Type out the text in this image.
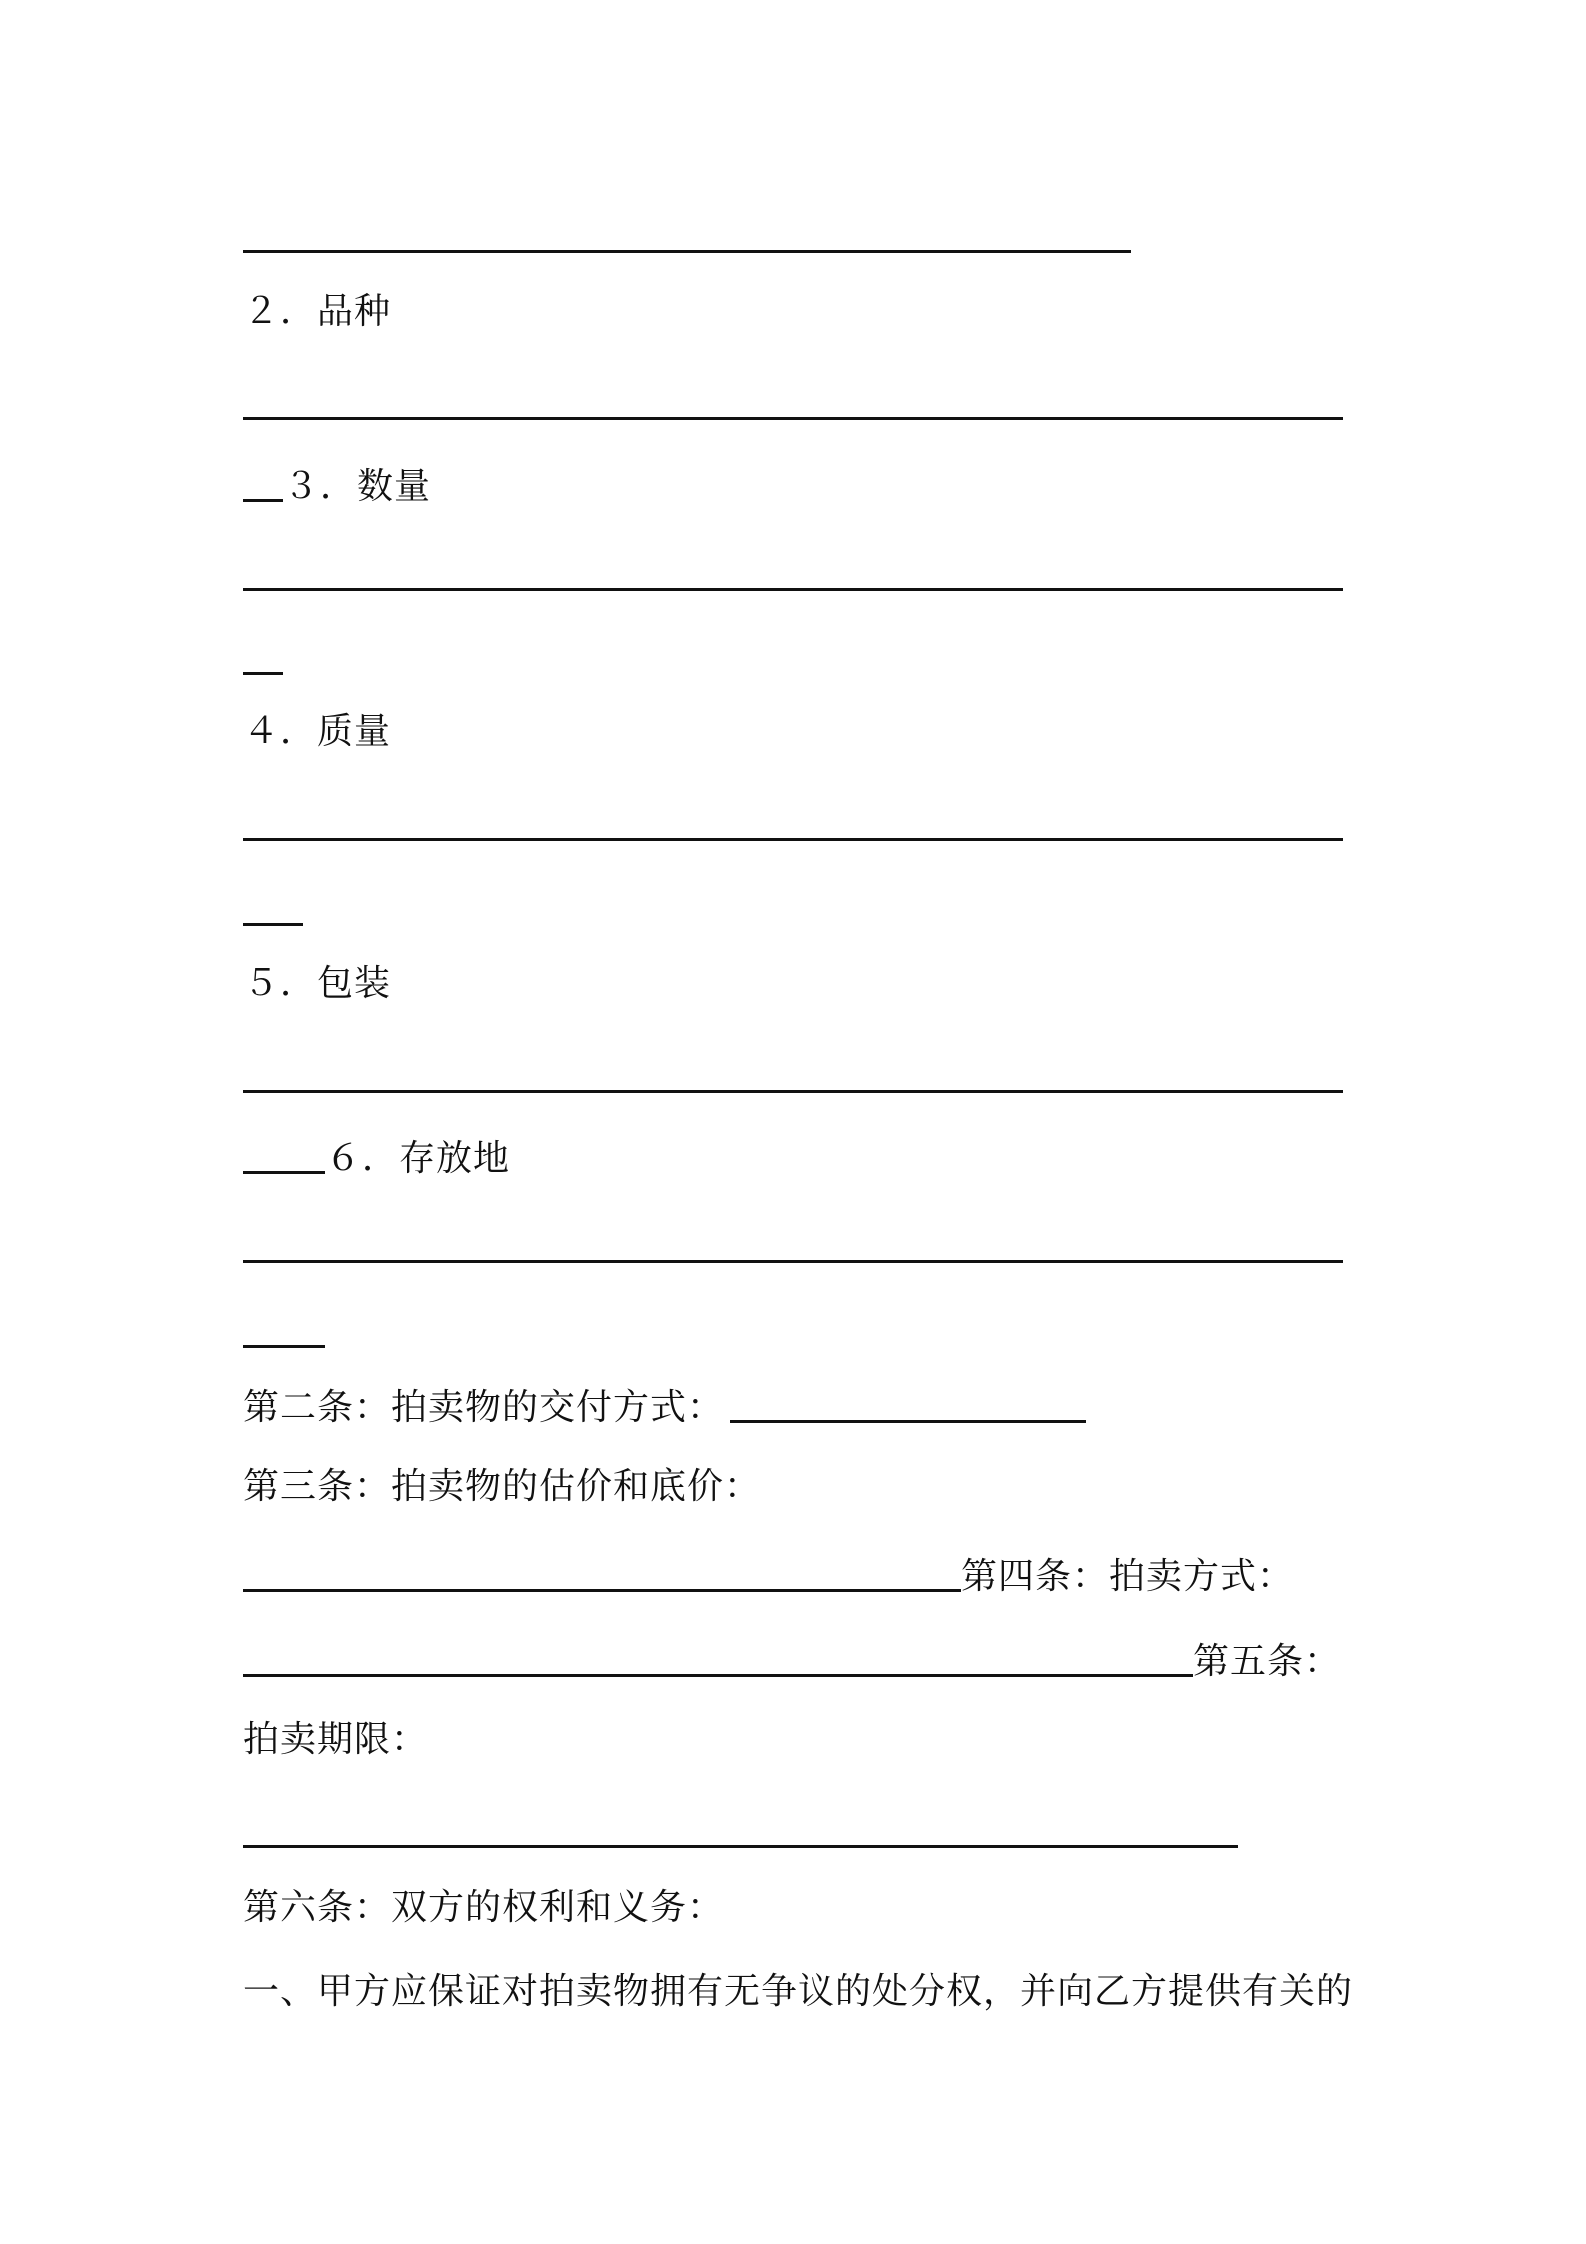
２．品种
３．数量
４．质量
５．包装
６．存放地
第二条：拍卖物的交付方式：
第三条：拍卖物的估价和底价：
第四条：拍卖方式：
第五条：
拍卖期限：
第六条：双方的权利和义务：
一、甲方应保证对拍卖物拥有无争议的处分权，并向乙方提供有关的
